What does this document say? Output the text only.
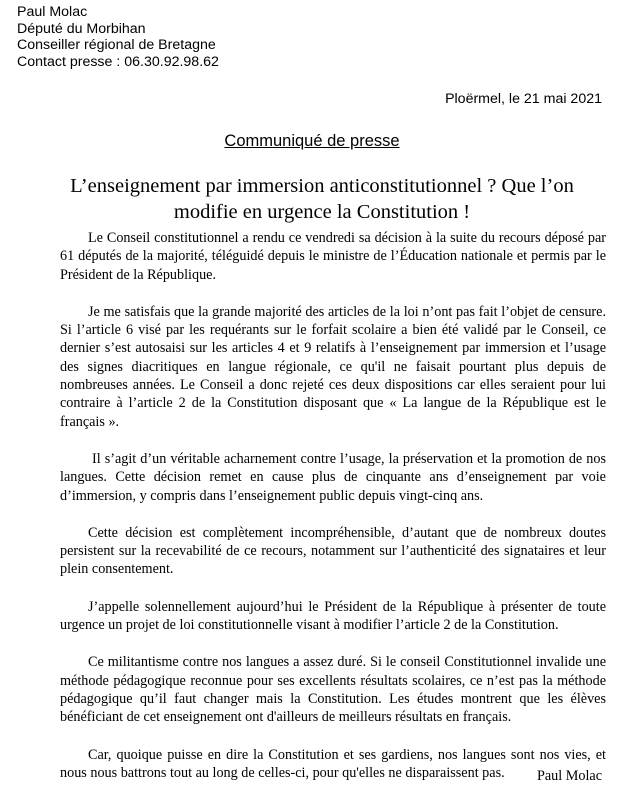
Paul Molac
Député du Morbihan
Conseiller régional de Bretagne
Contact presse : 06.30.92.98.62
Ploërmel, le 21 mai 2021
Communiqué de presse
L’enseignement par immersion anticonstitutionnel ? Que l’on
modifie en urgence la Constitution !

Le Conseil constitutionnel a rendu ce vendredi sa décision à la suite du recours déposé par 61 députés de la majorité, téléguidé depuis le ministre de l’Éducation nationale et permis par le Président de la République.

Je me satisfais que la grande majorité des articles de la loi n’ont pas fait l’objet de censure. Si l’article 6 visé par les requérants sur le forfait scolaire a bien été validé par le Conseil, ce dernier s’est autosaisi sur les articles 4 et 9 relatifs à l’enseignement par immersion et l’usage des signes diacritiques en langue régionale, ce qu'il ne faisait pourtant plus depuis de nombreuses années. Le Conseil a donc rejeté ces deux dispositions car elles seraient pour lui contraire à l’article 2 de la Constitution disposant que « La langue de la République est le français ».

Il s’agit d’un véritable acharnement contre l’usage, la préservation et la promotion de nos langues. Cette décision remet en cause plus de cinquante ans d’enseignement par voie d’immersion, y compris dans l’enseignement public depuis vingt-cinq ans.

Cette décision est complètement incompréhensible, d’autant que de nombreux doutes persistent sur la recevabilité de ce recours, notamment sur l’authenticité des signataires et leur plein consentement.

J’appelle solennellement aujourd’hui le Président de la République à présenter de toute urgence un projet de loi constitutionnelle visant à modifier l’article 2 de la Constitution.

Ce militantisme contre nos langues a assez duré. Si le conseil Constitutionnel invalide une méthode pédagogique reconnue pour ses excellents résultats scolaires, ce n’est pas la méthode pédagogique qu’il faut changer mais la Constitution. Les études montrent que les élèves bénéficiant de cet enseignement ont d'ailleurs de meilleurs résultats en français.

Car, quoique puisse en dire la Constitution et ses gardiens, nos langues sont nos vies, et nous nous battrons tout au long de celles-ci, pour qu'elles ne disparaissent pas.	Paul Molac
